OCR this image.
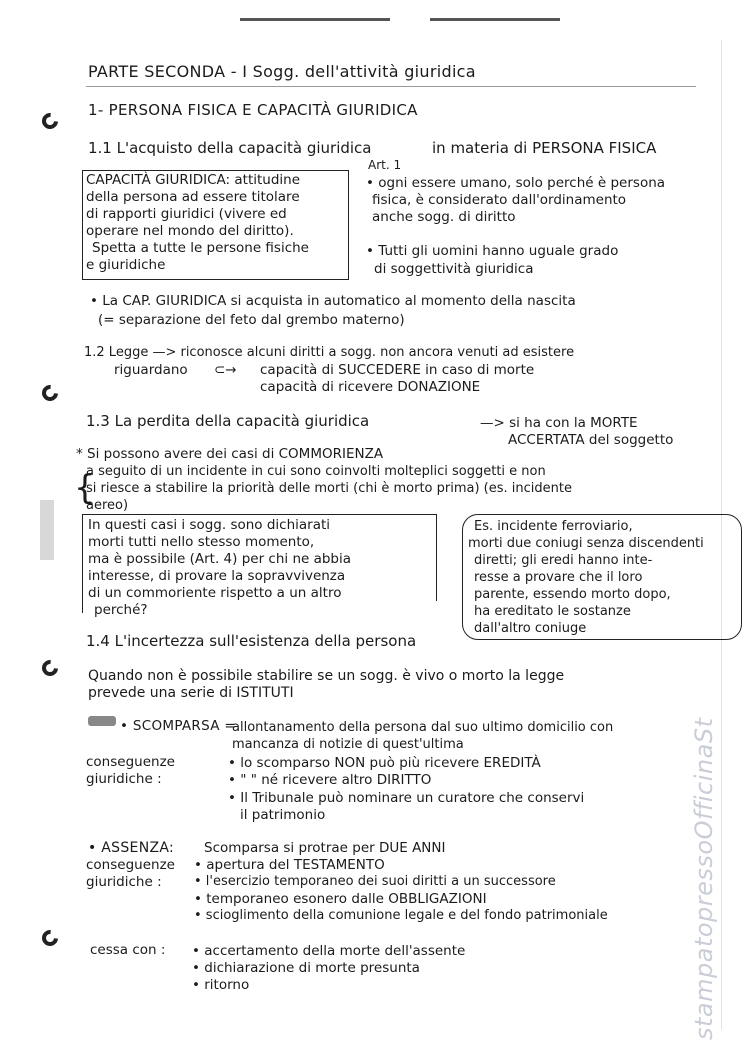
PARTE SECONDA - I Sogg. dell'attività giuridica
1- PERSONA FISICA E CAPACITÀ GIURIDICA
1.1 L'acquisto della capacità giuridica	in materia di PERSONA FISICA
Art. 1
CAPACITÀ GIURIDICA: attitudine
della persona ad essere titolare
di rapporti giuridici (vivere ed
operare nel mondo del diritto).
Spetta a tutte le persone fisiche
e giuridiche
• ogni essere umano, solo perché è persona
fisica, è considerato dall'ordinamento
anche sogg. di diritto
• Tutti gli uomini hanno uguale grado
di soggettività giuridica
• La CAP. GIURIDICA si acquista in automatico al momento della nascita
(= separazione del feto dal grembo materno)
1.2 Legge —> riconosce alcuni diritti a sogg. non ancora venuti ad esistere
riguardano ⊂→ capacità di SUCCEDERE in caso di morte
capacità di ricevere DONAZIONE
1.3 La perdita della capacità giuridica	—> si ha con la MORTE
ACCERTATA del soggetto
* Si possono avere dei casi di COMMORIENZA
a seguito di un incidente in cui sono coinvolti molteplici soggetti e non
si riesce a stabilire la priorità delle morti (chi è morto prima) (es. incidente
aereo)
{
In questi casi i sogg. sono dichiarati
morti tutti nello stesso momento,
ma è possibile (Art. 4) per chi ne abbia
interesse, di provare la sopravvivenza
di un commoriente rispetto a un altro
perché?
Es. incidente ferroviario,
morti due coniugi senza discendenti
diretti; gli eredi hanno inte-
resse a provare che il loro
parente, essendo morto dopo,
ha ereditato le sostanze
dall'altro coniuge
1.4 L'incertezza sull'esistenza della persona
Quando non è possibile stabilire se un sogg. è vivo o morto la legge
prevede una serie di ISTITUTI
• SCOMPARSA =
allontanamento della persona dal suo ultimo domicilio con
mancanza di notizie di quest'ultima
conseguenze
giuridiche :
• lo scomparso NON può più ricevere EREDITÀ
• " " né ricevere altro DIRITTO
• Il Tribunale può nominare un curatore che conservi
il patrimonio
• ASSENZA: Scomparsa si protrae per DUE ANNI
conseguenze
giuridiche :
• apertura del TESTAMENTO
• l'esercizio temporaneo dei suoi diritti a un successore
• temporaneo esonero dalle OBBLIGAZIONI
• scioglimento della comunione legale e del fondo patrimoniale
cessa con : • accertamento della morte dell'assente
• dichiarazione di morte presunta
• ritorno	stampatopressoOfficinaSt
